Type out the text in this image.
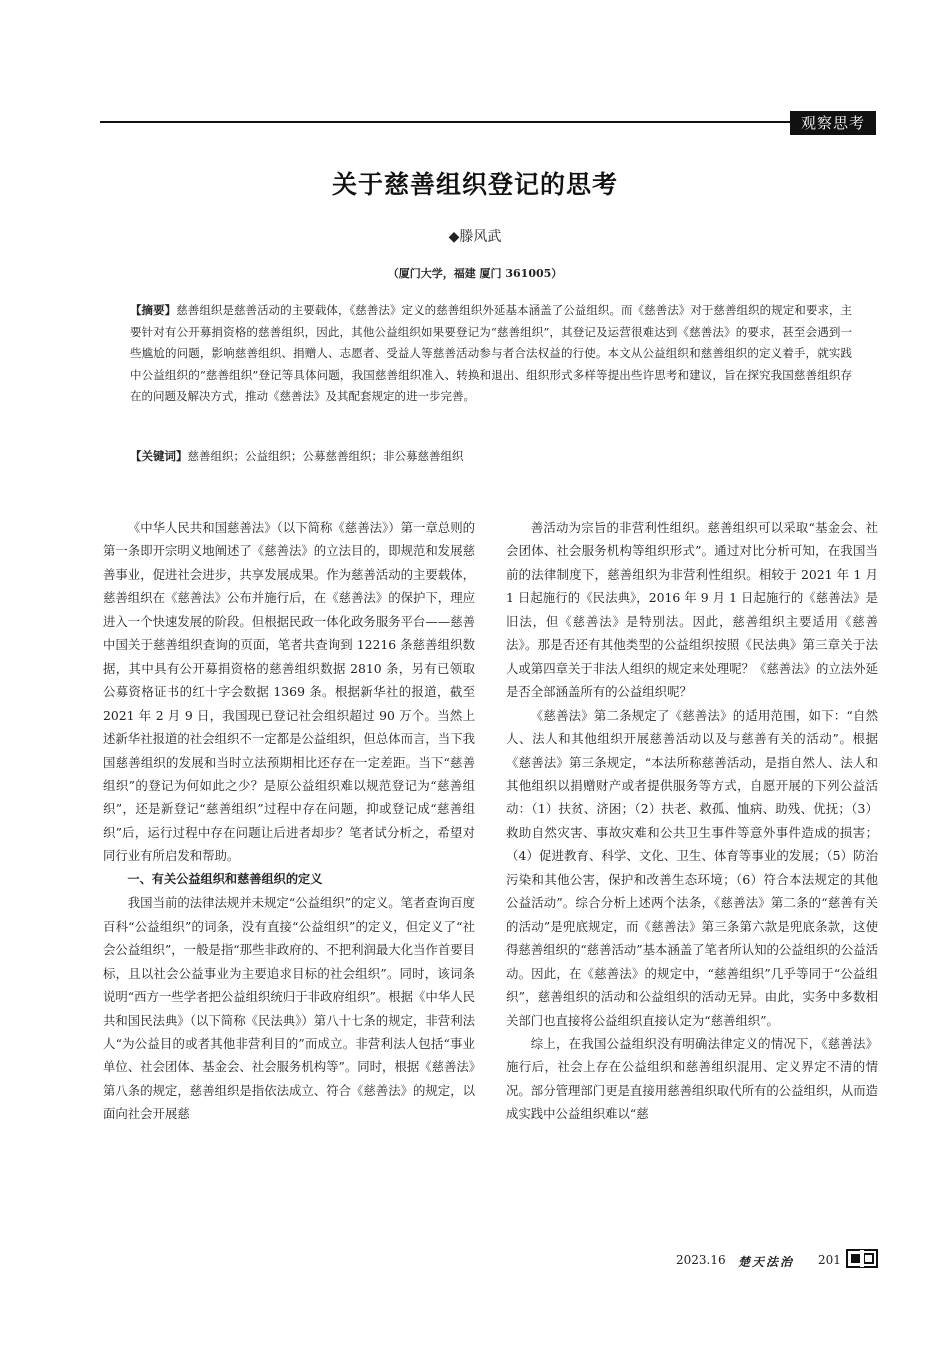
观察思考
关于慈善组织登记的思考
◆滕风武
（厦门大学，福建 厦门 361005）
【摘要】慈善组织是慈善活动的主要载体，《慈善法》定义的慈善组织外延基本涵盖了公益组织。而《慈善法》对于慈善组织的规定和要求，主要针对有公开募捐资格的慈善组织，因此，其他公益组织如果要登记为“慈善组织”，其登记及运营很难达到《慈善法》的要求，甚至会遇到一些尴尬的问题，影响慈善组织、捐赠人、志愿者、受益人等慈善活动参与者合法权益的行使。本文从公益组织和慈善组织的定义着手，就实践中公益组织的“慈善组织”登记等具体问题，我国慈善组织准入、转换和退出、组织形式多样等提出些许思考和建议，旨在探究我国慈善组织存在的问题及解决方式，推动《慈善法》及其配套规定的进一步完善。
【关键词】慈善组织；公益组织；公募慈善组织；非公募慈善组织

《中华人民共和国慈善法》（以下简称《慈善法》）第一章总则的第一条即开宗明义地阐述了《慈善法》的立法目的，即规范和发展慈善事业，促进社会进步，共享发展成果。作为慈善活动的主要载体，慈善组织在《慈善法》公布并施行后，在《慈善法》的保护下，理应进入一个快速发展的阶段。但根据民政一体化政务服务平台——慈善中国关于慈善组织查询的页面，笔者共查询到 12216 条慈善组织数据，其中具有公开募捐资格的慈善组织数据 2810 条，另有已领取公募资格证书的红十字会数据 1369 条。根据新华社的报道，截至 2021 年 2 月 9 日，我国现已登记社会组织超过 90 万个。当然上述新华社报道的社会组织不一定都是公益组织，但总体而言，当下我国慈善组织的发展和当时立法预期相比还存在一定差距。当下“慈善组织”的登记为何如此之少？是原公益组织难以规范登记为“慈善组织”，还是新登记“慈善组织”过程中存在问题，抑或登记成“慈善组织”后，运行过程中存在问题让后进者却步？笔者试分析之，希望对同行业有所启发和帮助。

一、有关公益组织和慈善组织的定义

我国当前的法律法规并未规定“公益组织”的定义。笔者查询百度百科“公益组织”的词条，没有直接“公益组织”的定义，但定义了“社会公益组织”，一般是指“那些非政府的、不把利润最大化当作首要目标，且以社会公益事业为主要追求目标的社会组织”。同时，该词条说明“西方一些学者把公益组织统归于非政府组织”。根据《中华人民共和国民法典》（以下简称《民法典》）第八十七条的规定，非营利法人“为公益目的或者其他非营利目的”而成立。非营利法人包括“事业单位、社会团体、基金会、社会服务机构等”。同时，根据《慈善法》第八条的规定，慈善组织是指依法成立、符合《慈善法》的规定，以面向社会开展慈

善活动为宗旨的非营利性组织。慈善组织可以采取“基金会、社会团体、社会服务机构等组织形式”。通过对比分析可知，在我国当前的法律制度下，慈善组织为非营利性组织。相较于 2021 年 1 月 1 日起施行的《民法典》，2016 年 9 月 1 日起施行的《慈善法》是旧法，但《慈善法》是特别法。因此，慈善组织主要适用《慈善法》。那是否还有其他类型的公益组织按照《民法典》第三章关于法人或第四章关于非法人组织的规定来处理呢？《慈善法》的立法外延是否全部涵盖所有的公益组织呢？

《慈善法》第二条规定了《慈善法》的适用范围，如下：“自然人、法人和其他组织开展慈善活动以及与慈善有关的活动”。根据《慈善法》第三条规定，“本法所称慈善活动，是指自然人、法人和其他组织以捐赠财产或者提供服务等方式，自愿开展的下列公益活动：（1）扶贫、济困；（2）扶老、救孤、恤病、助残、优抚；（3）救助自然灾害、事故灾难和公共卫生事件等意外事件造成的损害；（4）促进教育、科学、文化、卫生、体育等事业的发展；（5）防治污染和其他公害，保护和改善生态环境；（6）符合本法规定的其他公益活动”。综合分析上述两个法条，《慈善法》第二条的“慈善有关的活动”是兜底规定，而《慈善法》第三条第六款是兜底条款，这使得慈善组织的“慈善活动”基本涵盖了笔者所认知的公益组织的公益活动。因此，在《慈善法》的规定中，“慈善组织”几乎等同于“公益组织”，慈善组织的活动和公益组织的活动无异。由此，实务中多数相关部门也直接将公益组织直接认定为“慈善组织”。

综上，在我国公益组织没有明确法律定义的情况下，《慈善法》施行后，社会上存在公益组织和慈善组织混用、定义界定不清的情况。部分管理部门更是直接用慈善组织取代所有的公益组织，从而造成实践中公益组织难以“慈

2023.16 楚天法治 201
